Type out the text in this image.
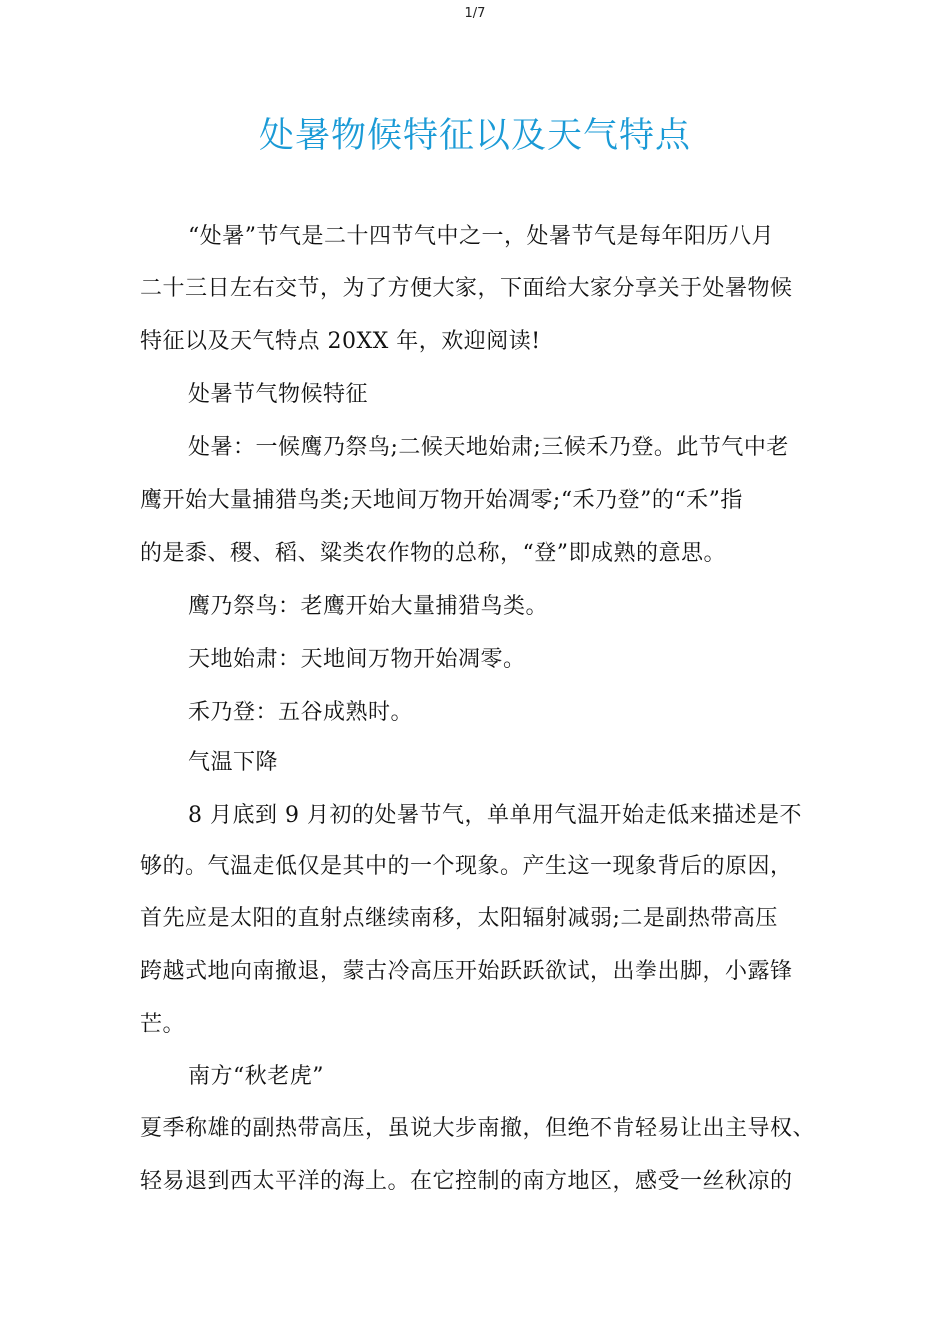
1/7
处暑物候特征以及天气特点
“处暑”节气是二十四节气中之一，处暑节气是每年阳历八月
二十三日左右交节，为了方便大家，下面给大家分享关于处暑物候
特征以及天气特点 20XX 年，欢迎阅读!
处暑节气物候特征
处暑：一候鹰乃祭鸟;二候天地始肃;三候禾乃登。此节气中老
鹰开始大量捕猎鸟类;天地间万物开始凋零;“禾乃登”的“禾”指
的是黍、稷、稻、粱类农作物的总称，“登”即成熟的意思。
鹰乃祭鸟：老鹰开始大量捕猎鸟类。
天地始肃：天地间万物开始凋零。
禾乃登：五谷成熟时。
气温下降
8 月底到 9 月初的处暑节气，单单用气温开始走低来描述是不
够的。气温走低仅是其中的一个现象。产生这一现象背后的原因，
首先应是太阳的直射点继续南移，太阳辐射减弱;二是副热带高压
跨越式地向南撤退，蒙古冷高压开始跃跃欲试，出拳出脚，小露锋
芒。
南方“秋老虎”
夏季称雄的副热带高压，虽说大步南撤，但绝不肯轻易让出主导权、
轻易退到西太平洋的海上。在它控制的南方地区，感受一丝秋凉的
